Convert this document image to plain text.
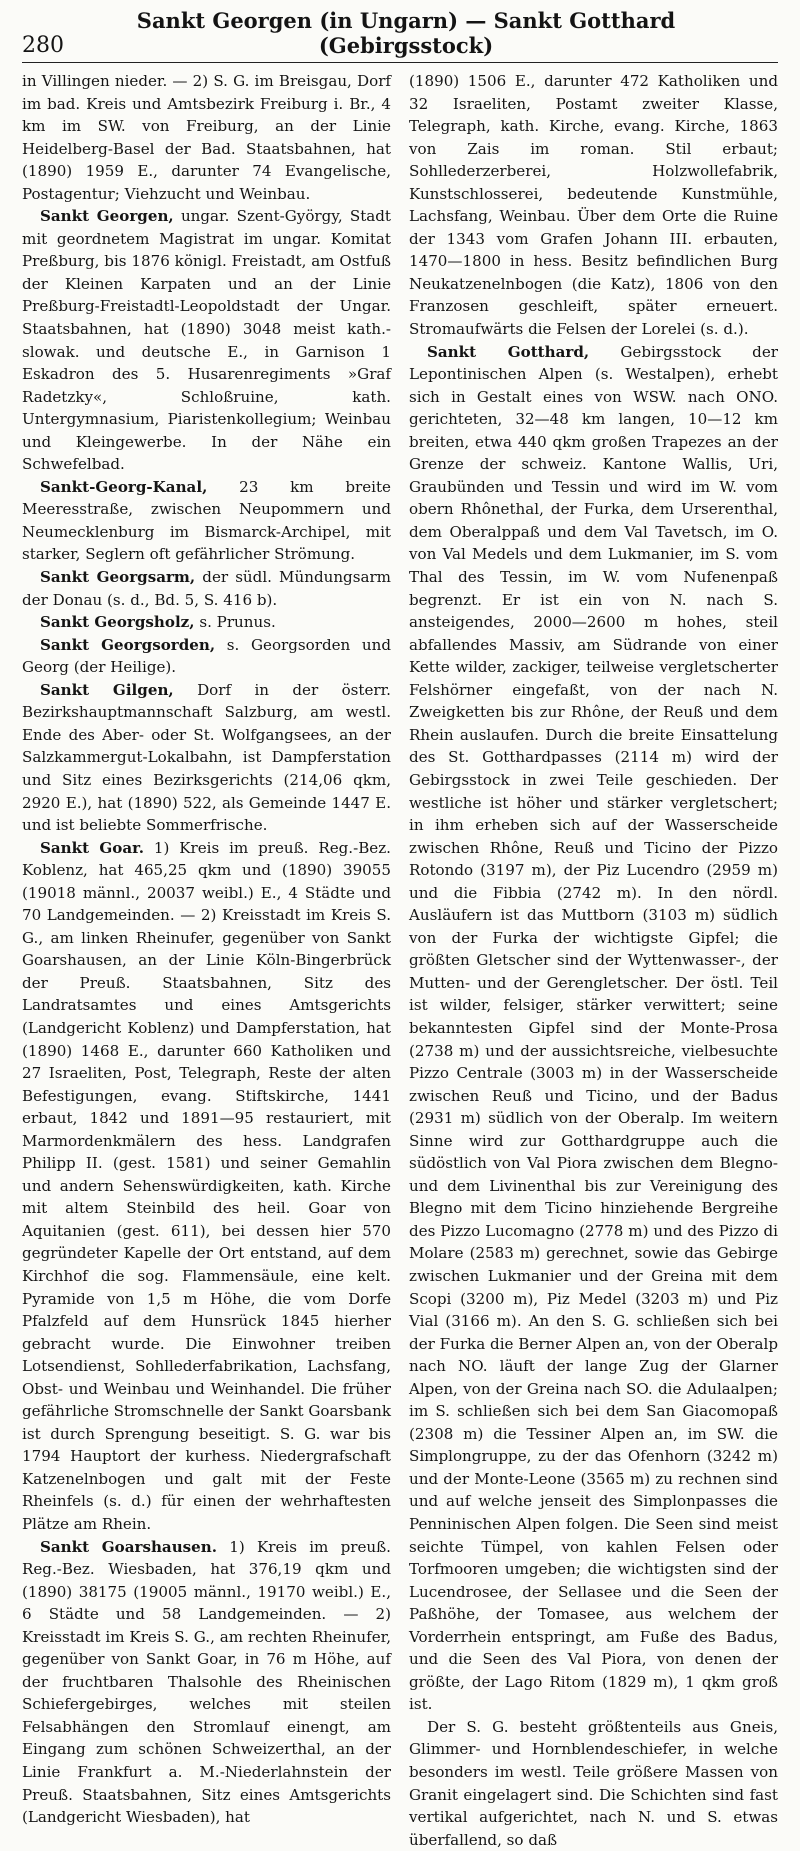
280
Sankt Georgen (in Ungarn) — Sankt Gotthard (Gebirgsstock)

in Villingen nieder. — 2) S. G. im Breisgau, Dorf im bad. Kreis und Amtsbezirk Freiburg i. Br., 4 km im SW. von Freiburg, an der Linie Heidelberg-Basel der Bad. Staatsbahnen, hat (1890) 1959 E., darunter 74 Evangelische, Postagentur; Viehzucht und Weinbau.

Sankt Georgen, ungar. Szent-György, Stadt mit geordnetem Magistrat im ungar. Komitat Preßburg, bis 1876 königl. Freistadt, am Ostfuß der Kleinen Karpaten und an der Linie Preßburg-Freistadtl-Leopoldstadt der Ungar. Staatsbahnen, hat (1890) 3048 meist kath.-slowak. und deutsche E., in Garnison 1 Eskadron des 5. Husarenregiments »Graf Radetzky«, Schloßruine, kath. Untergymnasium, Piaristenkollegium; Weinbau und Kleingewerbe. In der Nähe ein Schwefelbad.

Sankt-Georg-Kanal, 23 km breite Meeresstraße, zwischen Neupommern und Neumecklenburg im Bismarck-Archipel, mit starker, Seglern oft gefährlicher Strömung.

Sankt Georgsarm, der südl. Mündungsarm der Donau (s. d., Bd. 5, S. 416 b).

Sankt Georgsholz, s. Prunus.

Sankt Georgsorden, s. Georgsorden und Georg (der Heilige).

Sankt Gilgen, Dorf in der österr. Bezirkshauptmannschaft Salzburg, am westl. Ende des Aber- oder St. Wolfgangsees, an der Salzkammergut-Lokalbahn, ist Dampferstation und Sitz eines Bezirksgerichts (214,06 qkm, 2920 E.), hat (1890) 522, als Gemeinde 1447 E. und ist beliebte Sommerfrische.

Sankt Goar. 1) Kreis im preuß. Reg.-Bez. Koblenz, hat 465,25 qkm und (1890) 39055 (19018 männl., 20037 weibl.) E., 4 Städte und 70 Landgemeinden. — 2) Kreisstadt im Kreis S. G., am linken Rheinufer, gegenüber von Sankt Goarshausen, an der Linie Köln-Bingerbrück der Preuß. Staatsbahnen, Sitz des Landratsamtes und eines Amtsgerichts (Landgericht Koblenz) und Dampferstation, hat (1890) 1468 E., darunter 660 Katholiken und 27 Israeliten, Post, Telegraph, Reste der alten Befestigungen, evang. Stiftskirche, 1441 erbaut, 1842 und 1891—95 restauriert, mit Marmordenkmälern des hess. Landgrafen Philipp II. (gest. 1581) und seiner Gemahlin und andern Sehenswürdigkeiten, kath. Kirche mit altem Steinbild des heil. Goar von Aquitanien (gest. 611), bei dessen hier 570 gegründeter Kapelle der Ort entstand, auf dem Kirchhof die sog. Flammensäule, eine kelt. Pyramide von 1,5 m Höhe, die vom Dorfe Pfalzfeld auf dem Hunsrück 1845 hierher gebracht wurde. Die Einwohner treiben Lotsendienst, Sohllederfabrikation, Lachsfang, Obst- und Weinbau und Weinhandel. Die früher gefährliche Stromschnelle der Sankt Goarsbank ist durch Sprengung beseitigt. S. G. war bis 1794 Hauptort der kurhess. Niedergrafschaft Katzenelnbogen und galt mit der Feste Rheinfels (s. d.) für einen der wehrhaftesten Plätze am Rhein.

Sankt Goarshausen. 1) Kreis im preuß. Reg.-Bez. Wiesbaden, hat 376,19 qkm und (1890) 38175 (19005 männl., 19170 weibl.) E., 6 Städte und 58 Landgemeinden. — 2) Kreisstadt im Kreis S. G., am rechten Rheinufer, gegenüber von Sankt Goar, in 76 m Höhe, auf der fruchtbaren Thalsohle des Rheinischen Schiefergebirges, welches mit steilen Felsabhängen den Stromlauf einengt, am Eingang zum schönen Schweizerthal, an der Linie Frankfurt a. M.-Niederlahnstein der Preuß. Staatsbahnen, Sitz eines Amtsgerichts (Landgericht Wiesbaden), hat

(1890) 1506 E., darunter 472 Katholiken und 32 Israeliten, Postamt zweiter Klasse, Telegraph, kath. Kirche, evang. Kirche, 1863 von Zais im roman. Stil erbaut; Sohllederzerberei, Holzwollefabrik, Kunstschlosserei, bedeutende Kunstmühle, Lachsfang, Weinbau. Über dem Orte die Ruine der 1343 vom Grafen Johann III. erbauten, 1470—1800 in hess. Besitz befindlichen Burg Neukatzenelnbogen (die Katz), 1806 von den Franzosen geschleift, später erneuert. Stromaufwärts die Felsen der Lorelei (s. d.).

Sankt Gotthard, Gebirgsstock der Lepontinischen Alpen (s. Westalpen), erhebt sich in Gestalt eines von WSW. nach ONO. gerichteten, 32—48 km langen, 10—12 km breiten, etwa 440 qkm großen Trapezes an der Grenze der schweiz. Kantone Wallis, Uri, Graubünden und Tessin und wird im W. vom obern Rhônethal, der Furka, dem Urserenthal, dem Oberalppaß und dem Val Tavetsch, im O. von Val Medels und dem Lukmanier, im S. vom Thal des Tessin, im W. vom Nufenenpaß begrenzt. Er ist ein von N. nach S. ansteigendes, 2000—2600 m hohes, steil abfallendes Massiv, am Südrande von einer Kette wilder, zackiger, teilweise vergletscherter Felshörner eingefaßt, von der nach N. Zweigketten bis zur Rhône, der Reuß und dem Rhein auslaufen. Durch die breite Einsattelung des St. Gotthardpasses (2114 m) wird der Gebirgsstock in zwei Teile geschieden. Der westliche ist höher und stärker vergletschert; in ihm erheben sich auf der Wasserscheide zwischen Rhône, Reuß und Ticino der Pizzo Rotondo (3197 m), der Piz Lucendro (2959 m) und die Fibbia (2742 m). In den nördl. Ausläufern ist das Muttborn (3103 m) südlich von der Furka der wichtigste Gipfel; die größten Gletscher sind der Wyttenwasser-, der Mutten- und der Gerengletscher. Der östl. Teil ist wilder, felsiger, stärker verwittert; seine bekanntesten Gipfel sind der Monte-Prosa (2738 m) und der aussichtsreiche, vielbesuchte Pizzo Centrale (3003 m) in der Wasserscheide zwischen Reuß und Ticino, und der Badus (2931 m) südlich von der Oberalp. Im weitern Sinne wird zur Gotthardgruppe auch die südöstlich von Val Piora zwischen dem Blegno- und dem Livinenthal bis zur Vereinigung des Blegno mit dem Ticino hinziehende Bergreihe des Pizzo Lucomagno (2778 m) und des Pizzo di Molare (2583 m) gerechnet, sowie das Gebirge zwischen Lukmanier und der Greina mit dem Scopi (3200 m), Piz Medel (3203 m) und Piz Vial (3166 m). An den S. G. schließen sich bei der Furka die Berner Alpen an, von der Oberalp nach NO. läuft der lange Zug der Glarner Alpen, von der Greina nach SO. die Adulaalpen; im S. schließen sich bei dem San Giacomopaß (2308 m) die Tessiner Alpen an, im SW. die Simplongruppe, zu der das Ofenhorn (3242 m) und der Monte-Leone (3565 m) zu rechnen sind und auf welche jenseit des Simplonpasses die Penninischen Alpen folgen. Die Seen sind meist seichte Tümpel, von kahlen Felsen oder Torfmooren umgeben; die wichtigsten sind der Lucendrosee, der Sellasee und die Seen der Paßhöhe, der Tomasee, aus welchem der Vorderrhein entspringt, am Fuße des Badus, und die Seen des Val Piora, von denen der größte, der Lago Ritom (1829 m), 1 qkm groß ist.

Der S. G. besteht größtenteils aus Gneis, Glimmer- und Hornblendeschiefer, in welche besonders im westl. Teile größere Massen von Granit eingelagert sind. Die Schichten sind fast vertikal aufgerichtet, nach N. und S. etwas überfallend, so daß
